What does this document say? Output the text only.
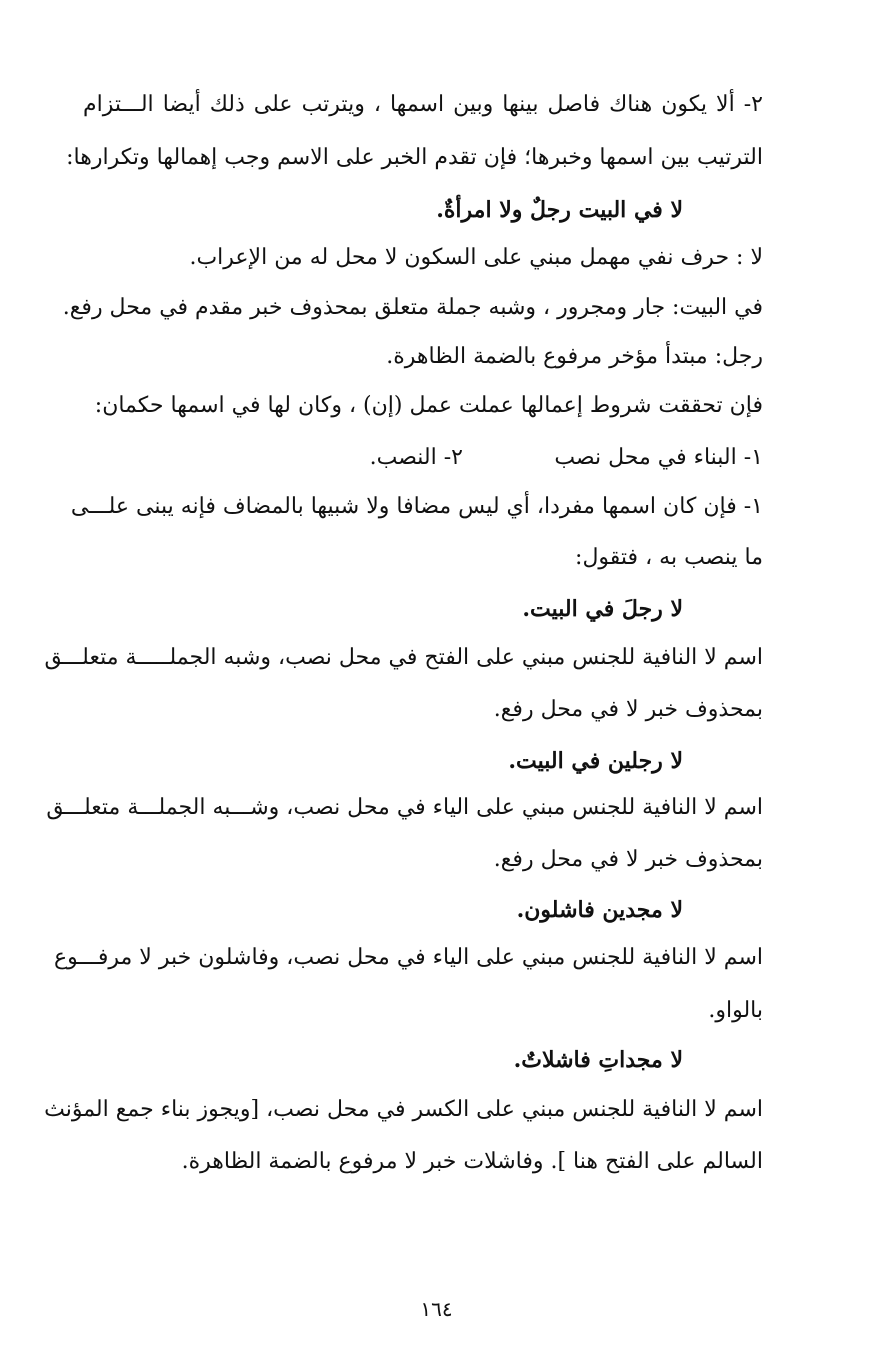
٢- ألا يكون هناك فاصل بينها وبين اسمها ، ويترتب على ذلك أيضا الـــتزام
الترتيب بين اسمها وخبرها؛ فإن تقدم الخبر على الاسم وجب إهمالها وتكرارها:
لا في البيت رجلٌ ولا امرأةٌ.
لا : حرف نفي مهمل مبني على السكون لا محل له من الإعراب.
في البيت: جار ومجرور ، وشبه جملة متعلق بمحذوف خبر مقدم في محل رفع.
رجل: مبتدأ مؤخر مرفوع بالضمة الظاهرة.
فإن تحققت شروط إعمالها عملت عمل (إن) ، وكان لها في اسمها حكمان:
١- البناء في محل نصب
٢- النصب.
١- فإن كان اسمها مفردا، أي ليس مضافا ولا شبيها بالمضاف فإنه يبنى علـــى
ما ينصب به ، فتقول:
لا رجلَ في البيت.
اسم لا النافية للجنس مبني على الفتح في محل نصب، وشبه الجملـــــة متعلـــق
بمحذوف خبر لا في محل رفع.
لا رجلين في البيت.
اسم لا النافية للجنس مبني على الياء في محل نصب، وشـــبه الجملـــة متعلـــق
بمحذوف خبر لا في محل رفع.
لا مجدين فاشلون.
اسم لا النافية للجنس مبني على الياء في محل نصب، وفاشلون خبر لا مرفـــوع
بالواو.
لا مجداتِ فاشلاتٌ.
اسم لا النافية للجنس مبني على الكسر في محل نصب، [ويجوز بناء جمع المؤنث
السالم على الفتح هنا ]. وفاشلات خبر لا مرفوع بالضمة الظاهرة.
١٦٤
